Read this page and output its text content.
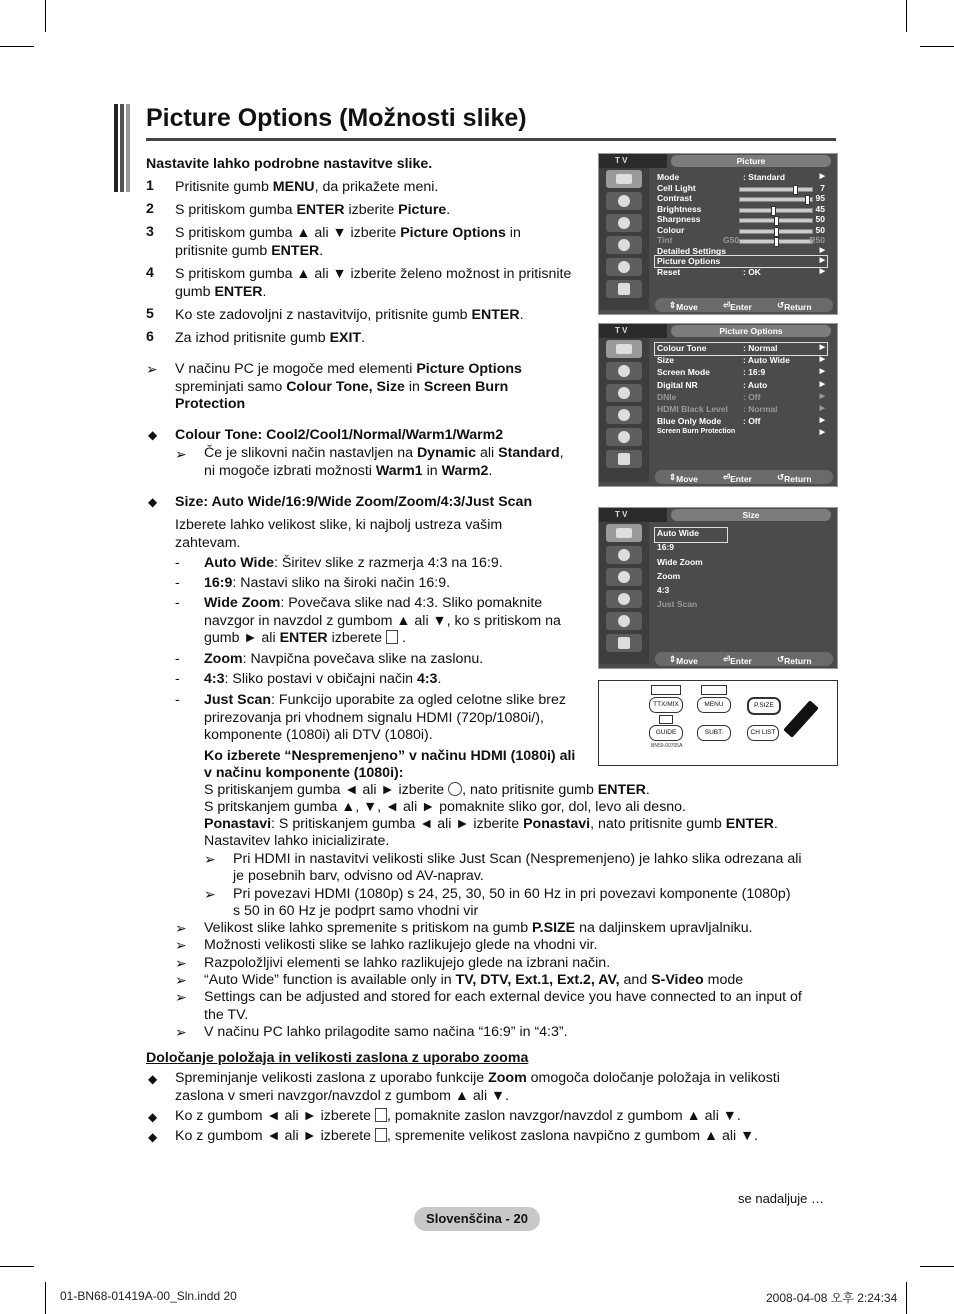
Picture Options (Možnosti slike)
Nastavite lahko podrobne nastavitve slike.
1 Pritisnite gumb MENU, da prikažete meni.
2 S pritiskom gumba ENTER izberite Picture.
3 S pritiskom gumba ▲ ali ▼ izberite Picture Options in
pritisnite gumb ENTER.
4 S pritiskom gumba ▲ ali ▼ izberite želeno možnost in pritisnite
gumb ENTER.
5 Ko ste zadovoljni z nastavitvijo, pritisnite gumb ENTER.
6 Za izhod pritisnite gumb EXIT.
➢ V načinu PC je mogoče med elementi Picture Options
spreminjati samo Colour Tone, Size in Screen Burn
Protection
◆ Colour Tone: Cool2/Cool1/Normal/Warm1/Warm2
➢ Če je slikovni način nastavljen na Dynamic ali Standard,
ni mogoče izbrati možnosti Warm1 in Warm2.
◆ Size: Auto Wide/16:9/Wide Zoom/Zoom/4:3/Just Scan
Izberete lahko velikost slike, ki najbolj ustreza vašim
zahtevam.
- Auto Wide: Širitev slike z razmerja 4:3 na 16:9.
- 16:9: Nastavi sliko na široki način 16:9.
- Wide Zoom: Povečava slike nad 4:3. Sliko pomaknite
navzgor in navzdol z gumbom ▲ ali ▼, ko s pritiskom na
gumb ► ali ENTER izberete  .
- Zoom: Navpična povečava slike na zaslonu.
- 4:3: Sliko postavi v običajni način 4:3.
- Just Scan: Funkcijo uporabite za ogled celotne slike brez
prirezovanja pri vhodnem signalu HDMI (720p/1080i/),
komponente (1080i) ali DTV (1080i).
Ko izberete “Nespremenjeno” v načinu HDMI (1080i) ali
v načinu komponente (1080i):
S pritiskanjem gumba ◄ ali ► izberite , nato pritisnite gumb ENTER.
S pritskanjem gumba ▲, ▼, ◄ ali ► pomaknite sliko gor, dol, levo ali desno.
Ponastavi: S pritiskanjem gumba ◄ ali ► izberite Ponastavi, nato pritisnite gumb ENTER.
Nastavitev lahko inicializirate.
➢ Pri HDMI in nastavitvi velikosti slike Just Scan (Nespremenjeno) je lahko slika odrezana ali
je posebnih barv, odvisno od AV-naprav.
➢ Pri povezavi HDMI (1080p) s 24, 25, 30, 50 in 60 Hz in pri povezavi komponente (1080p)
s 50 in 60 Hz je podprt samo vhodni vir
➢ Velikost slike lahko spremenite s pritiskom na gumb P.SIZE na daljinskem upravljalniku.
➢ Možnosti velikosti slike se lahko razlikujejo glede na vhodni vir.
➢ Razpoložljivi elementi se lahko razlikujejo glede na izbrani način.
➢ “Auto Wide” function is available only in TV, DTV, Ext.1, Ext.2, AV, and S-Video mode
➢ Settings can be adjusted and stored for each external device you have connected to an input of
the TV.
➢ V načinu PC lahko prilagodite samo načina “16:9” in “4:3”.
Določanje položaja in velikosti zaslona z uporabo zooma
◆ Spreminjanje velikosti zaslona z uporabo funkcije Zoom omogoča določanje položaja in velikosti
zaslona v smeri navzgor/navzdol z gumbom ▲ ali ▼.
◆ Ko z gumbom ◄ ali ► izberete , pomaknite zaslon navzgor/navzdol z gumbom ▲ ali ▼.
◆ Ko z gumbom ◄ ali ► izberete , spremenite velikost zaslona navpično z gumbom ▲ ali ▼.
T V	Picture
Mode	: Standard	▶
Cell Light	7
Contrast	95
Brightness	45
Sharpness	50
Colour	50
Tint	G50	R50
Detailed Settings	▶
Picture Options	▶
Reset	: OK	▶
⇕ Move	⏎ Enter	↺ Return
T V	Picture Options
Colour Tone	: Normal	▶
Size	: Auto Wide	▶
Screen Mode	: 16:9	▶
Digital NR	: Auto	▶
DNIe	: Off	▶
HDMI Black Level : Normal	▶
Blue Only Mode	: Off	▶
Screen Burn Protection	▶
⇕ Move	⏎ Enter	↺ Return
T V	Size
Auto Wide
16:9
Wide Zoom
Zoom
4:3
Just Scan
⇕ Move	⏎ Enter	↺ Return
TTX/MIX	MENU	P.SIZE
GUIDE	SUBT.	CH LIST
BN59-00705A
se nadaljuje …
Slovenščina - 20
01-BN68-01419A-00_Sln.indd 20	2008-04-08 오후 2:24:34
